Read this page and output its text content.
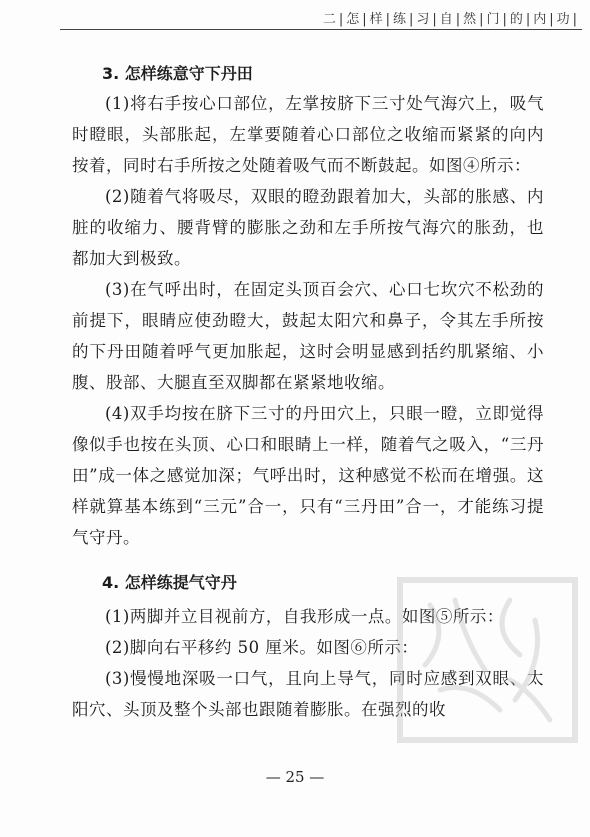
二|怎|样|练|习|自|然|门|的|内|功|
3. 怎样练意守下丹田

(1)将右手按心口部位，左掌按脐下三寸处气海穴上，吸气时瞪眼，头部胀起，左掌要随着心口部位之收缩而紧紧的向内按着，同时右手所按之处随着吸气而不断鼓起。如图④所示：

(2)随着气将吸尽，双眼的瞪劲跟着加大，头部的胀感、内脏的收缩力、腰背臂的膨胀之劲和左手所按气海穴的胀劲，也都加大到极致。

(3)在气呼出时，在固定头顶百会穴、心口七坎穴不松劲的前提下，眼睛应使劲瞪大，鼓起太阳穴和鼻子，令其左手所按的下丹田随着呼气更加胀起，这时会明显感到括约肌紧缩、小腹、股部、大腿直至双脚都在紧紧地收缩。

(4)双手均按在脐下三寸的丹田穴上，只眼一瞪，立即觉得像似手也按在头顶、心口和眼睛上一样，随着气之吸入，“三丹田”成一体之感觉加深；气呼出时，这种感觉不松而在增强。这样就算基本练到“三元”合一，只有“三丹田”合一，才能练习提气守丹。

4. 怎样练提气守丹

(1)两脚并立目视前方，自我形成一点。如图⑤所示：

(2)脚向右平移约 50 厘米。如图⑥所示：

(3)慢慢地深吸一口气，且向上导气，同时应感到双眼、太阳穴、头顶及整个头部也跟随着膨胀。在强烈的收

— 25 —
